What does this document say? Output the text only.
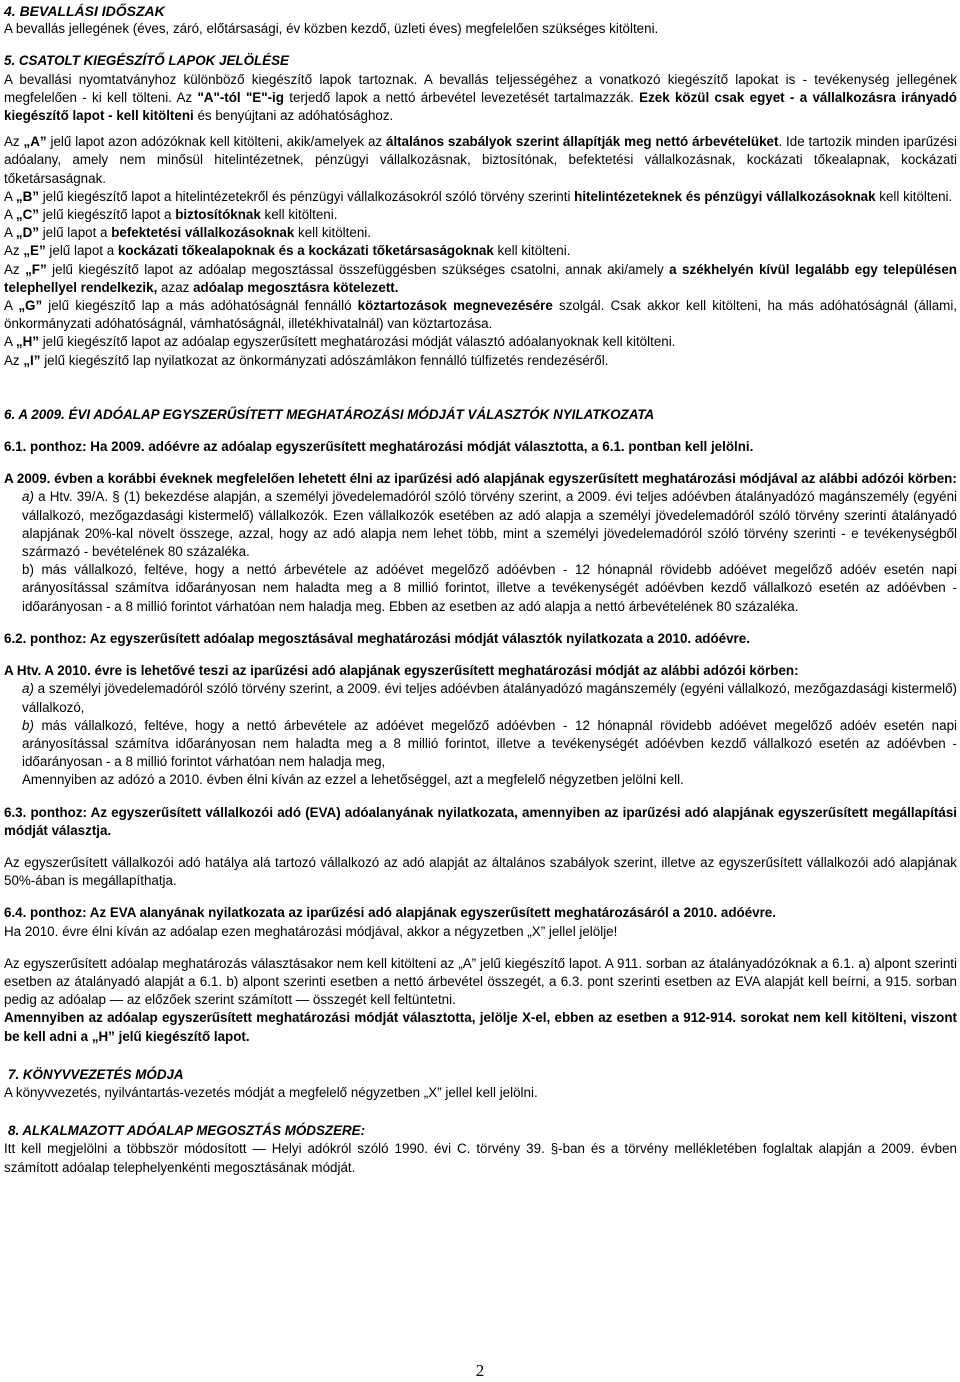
4. BEVALLÁSI IDŐSZAK

A bevallás jellegének (éves, záró, előtársasági, év közben kezdő, üzleti éves) megfelelően szükséges kitölteni.

5. CSATOLT KIEGÉSZÍTŐ LAPOK JELÖLÉSE

A bevallási nyomtatványhoz különböző kiegészítő lapok tartoznak. A bevallás teljességéhez a vonatkozó kiegészítő lapokat is - tevékenység jellegének megfelelően - ki kell tölteni. Az "A"-tól "E"-ig terjedő lapok a nettó árbevétel levezetését tartalmazzák. Ezek közül csak egyet - a vállalkozásra irányadó kiegészítő lapot - kell kitölteni és benyújtani az adóhatósághoz.

Az „A” jelű lapot azon adózóknak kell kitölteni, akik/amelyek az általános szabályok szerint állapítják meg nettó árbevételüket. Ide tartozik minden iparűzési adóalany, amely nem minősül hitelintézetnek, pénzügyi vállalkozásnak, biztosítónak, befektetési vállalkozásnak, kockázati tőkealapnak, kockázati tőketársaságnak.

A „B” jelű kiegészítő lapot a hitelintézetekről és pénzügyi vállalkozásokról szóló törvény szerinti hitelintézeteknek és pénzügyi vállalkozásoknak kell kitölteni.

A „C” jelű kiegészítő lapot a biztosítóknak kell kitölteni.

A „D” jelű lapot a befektetési vállalkozásoknak kell kitölteni.

Az „E” jelű lapot a kockázati tőkealapoknak és a kockázati tőketársaságoknak kell kitölteni.

Az „F” jelű kiegészítő lapot az adóalap megosztással összefüggésben szükséges csatolni, annak aki/amely a székhelyén kívül legalább egy településen telephellyel rendelkezik, azaz adóalap megosztásra kötelezett.

A „G” jelű kiegészítő lap a más adóhatóságnál fennálló köztartozások megnevezésére szolgál. Csak akkor kell kitölteni, ha más adóhatóságnál (állami, önkormányzati adóhatóságnál, vámhatóságnál, illetékhivatalnál) van köztartozása.

A „H” jelű kiegészítő lapot az adóalap egyszerűsített meghatározási módját választó adóalanyoknak kell kitölteni.

Az „I” jelű kiegészítő lap nyilatkozat az önkormányzati adószámlákon fennálló túlfizetés rendezéséről.

6. A 2009. ÉVI ADÓALAP EGYSZERŰSÍTETT MEGHATÁROZÁSI MÓDJÁT VÁLASZTÓK NYILATKOZATA

6.1. ponthoz: Ha 2009. adóévre az adóalap egyszerűsített meghatározási módját választotta, a 6.1. pontban kell jelölni.

A 2009. évben a korábbi éveknek megfelelően lehetett élni az iparűzési adó alapjának egyszerűsített meghatározási módjával az alábbi adózói körben:

a) a Htv. 39/A. § (1) bekezdése alapján, a személyi jövedelemadóról szóló törvény szerint, a 2009. évi teljes adóévben átalányadózó magánszemély (egyéni vállalkozó, mezőgazdasági kistermelő) vállalkozók. Ezen vállalkozók esetében az adó alapja a személyi jövedelemadóról szóló törvény szerinti átalányadó alapjának 20%-kal növelt összege, azzal, hogy az adó alapja nem lehet több, mint a személyi jövedelemadóról szóló törvény szerinti - e tevékenységből származó - bevételének 80 százaléka.

b) más vállalkozó, feltéve, hogy a nettó árbevétele az adóévet megelőző adóévben - 12 hónapnál rövidebb adóévet megelőző adóév esetén napi arányosítással számítva időarányosan nem haladta meg a 8 millió forintot, illetve a tevékenységét adóévben kezdő vállalkozó esetén az adóévben - időarányosan - a 8 millió forintot várhatóan nem haladja meg. Ebben az esetben az adó alapja a nettó árbevételének 80 százaléka.

6.2. ponthoz: Az egyszerűsített adóalap megosztásával meghatározási módját választók nyilatkozata a 2010. adóévre.

A Htv. A 2010. évre is lehetővé teszi az iparűzési adó alapjának egyszerűsített meghatározási módját az alábbi adózói körben:

a) a személyi jövedelemadóról szóló törvény szerint, a 2009. évi teljes adóévben átalányadózó magánszemély (egyéni vállalkozó, mezőgazdasági kistermelő) vállalkozó,

b) más vállalkozó, feltéve, hogy a nettó árbevétele az adóévet megelőző adóévben - 12 hónapnál rövidebb adóévet megelőző adóév esetén napi arányosítással számítva időarányosan nem haladta meg a 8 millió forintot, illetve a tevékenységét adóévben kezdő vállalkozó esetén az adóévben - időarányosan - a 8 millió forintot várhatóan nem haladja meg,

Amennyiben az adózó a 2010. évben élni kíván az ezzel a lehetőséggel, azt a megfelelő négyzetben jelölni kell.

6.3. ponthoz: Az egyszerűsített vállalkozói adó (EVA) adóalanyának nyilatkozata, amennyiben az iparűzési adó alapjának egyszerűsített megállapítási módját választja.

Az egyszerűsített vállalkozói adó hatálya alá tartozó vállalkozó az adó alapját az általános szabályok szerint, illetve az egyszerűsített vállalkozói adó alapjának 50%-ában is megállapíthatja.

6.4. ponthoz: Az EVA alanyának nyilatkozata az iparűzési adó alapjának egyszerűsített meghatározásáról a 2010. adóévre.

Ha 2010. évre élni kíván az adóalap ezen meghatározási módjával, akkor a négyzetben „X” jellel jelölje!

Az egyszerűsített adóalap meghatározás választásakor nem kell kitölteni az „A” jelű kiegészítő lapot. A 911. sorban az átalányadózóknak a 6.1. a) alpont szerinti esetben az átalányadó alapját a 6.1. b) alpont szerinti esetben a nettó árbevétel összegét, a 6.3. pont szerinti esetben az EVA alapját kell beírni, a 915. sorban pedig az adóalap — az előzőek szerint számított — összegét kell feltüntetni.

Amennyiben az adóalap egyszerűsített meghatározási módját választotta, jelölje X-el, ebben az esetben a 912-914. sorokat nem kell kitölteni, viszont be kell adni a „H” jelű kiegészítő lapot.

7. KÖNYVVEZETÉS MÓDJA

A könyvvezetés, nyilvántartás-vezetés módját a megfelelő négyzetben „X” jellel kell jelölni.

8. ALKALMAZOTT ADÓALAP MEGOSZTÁS MÓDSZERE:

Itt kell megjelölni a többször módosított — Helyi adókról szóló 1990. évi C. törvény 39. §-ban és a törvény mellékletében foglaltak alapján a 2009. évben számított adóalap telephelyenkénti megosztásának módját.

2
